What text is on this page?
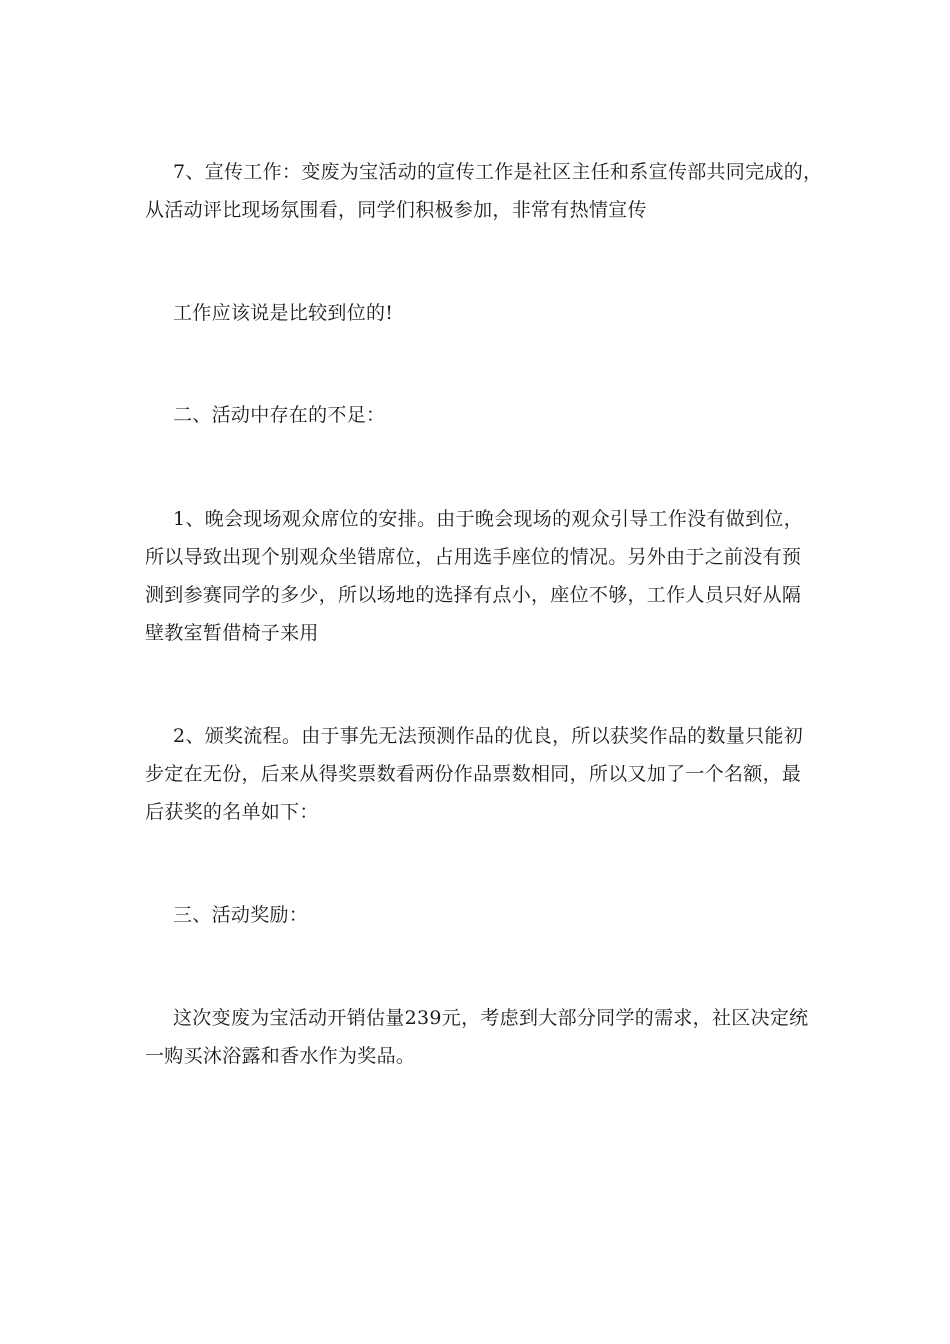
7、宣传工作：变废为宝活动的宣传工作是社区主任和系宣传部共同完成的，
从活动评比现场氛围看，同学们积极参加，非常有热情宣传
工作应该说是比较到位的!
二、活动中存在的不足：
1、晚会现场观众席位的安排。由于晚会现场的观众引导工作没有做到位，
所以导致出现个别观众坐错席位，占用选手座位的情况。另外由于之前没有预
测到参赛同学的多少，所以场地的选择有点小，座位不够，工作人员只好从隔
壁教室暂借椅子来用
2、颁奖流程。由于事先无法预测作品的优良，所以获奖作品的数量只能初
步定在无份，后来从得奖票数看两份作品票数相同，所以又加了一个名额，最
后获奖的名单如下：
三、活动奖励：
这次变废为宝活动开销估量239元，考虑到大部分同学的需求，社区决定统
一购买沐浴露和香水作为奖品。
